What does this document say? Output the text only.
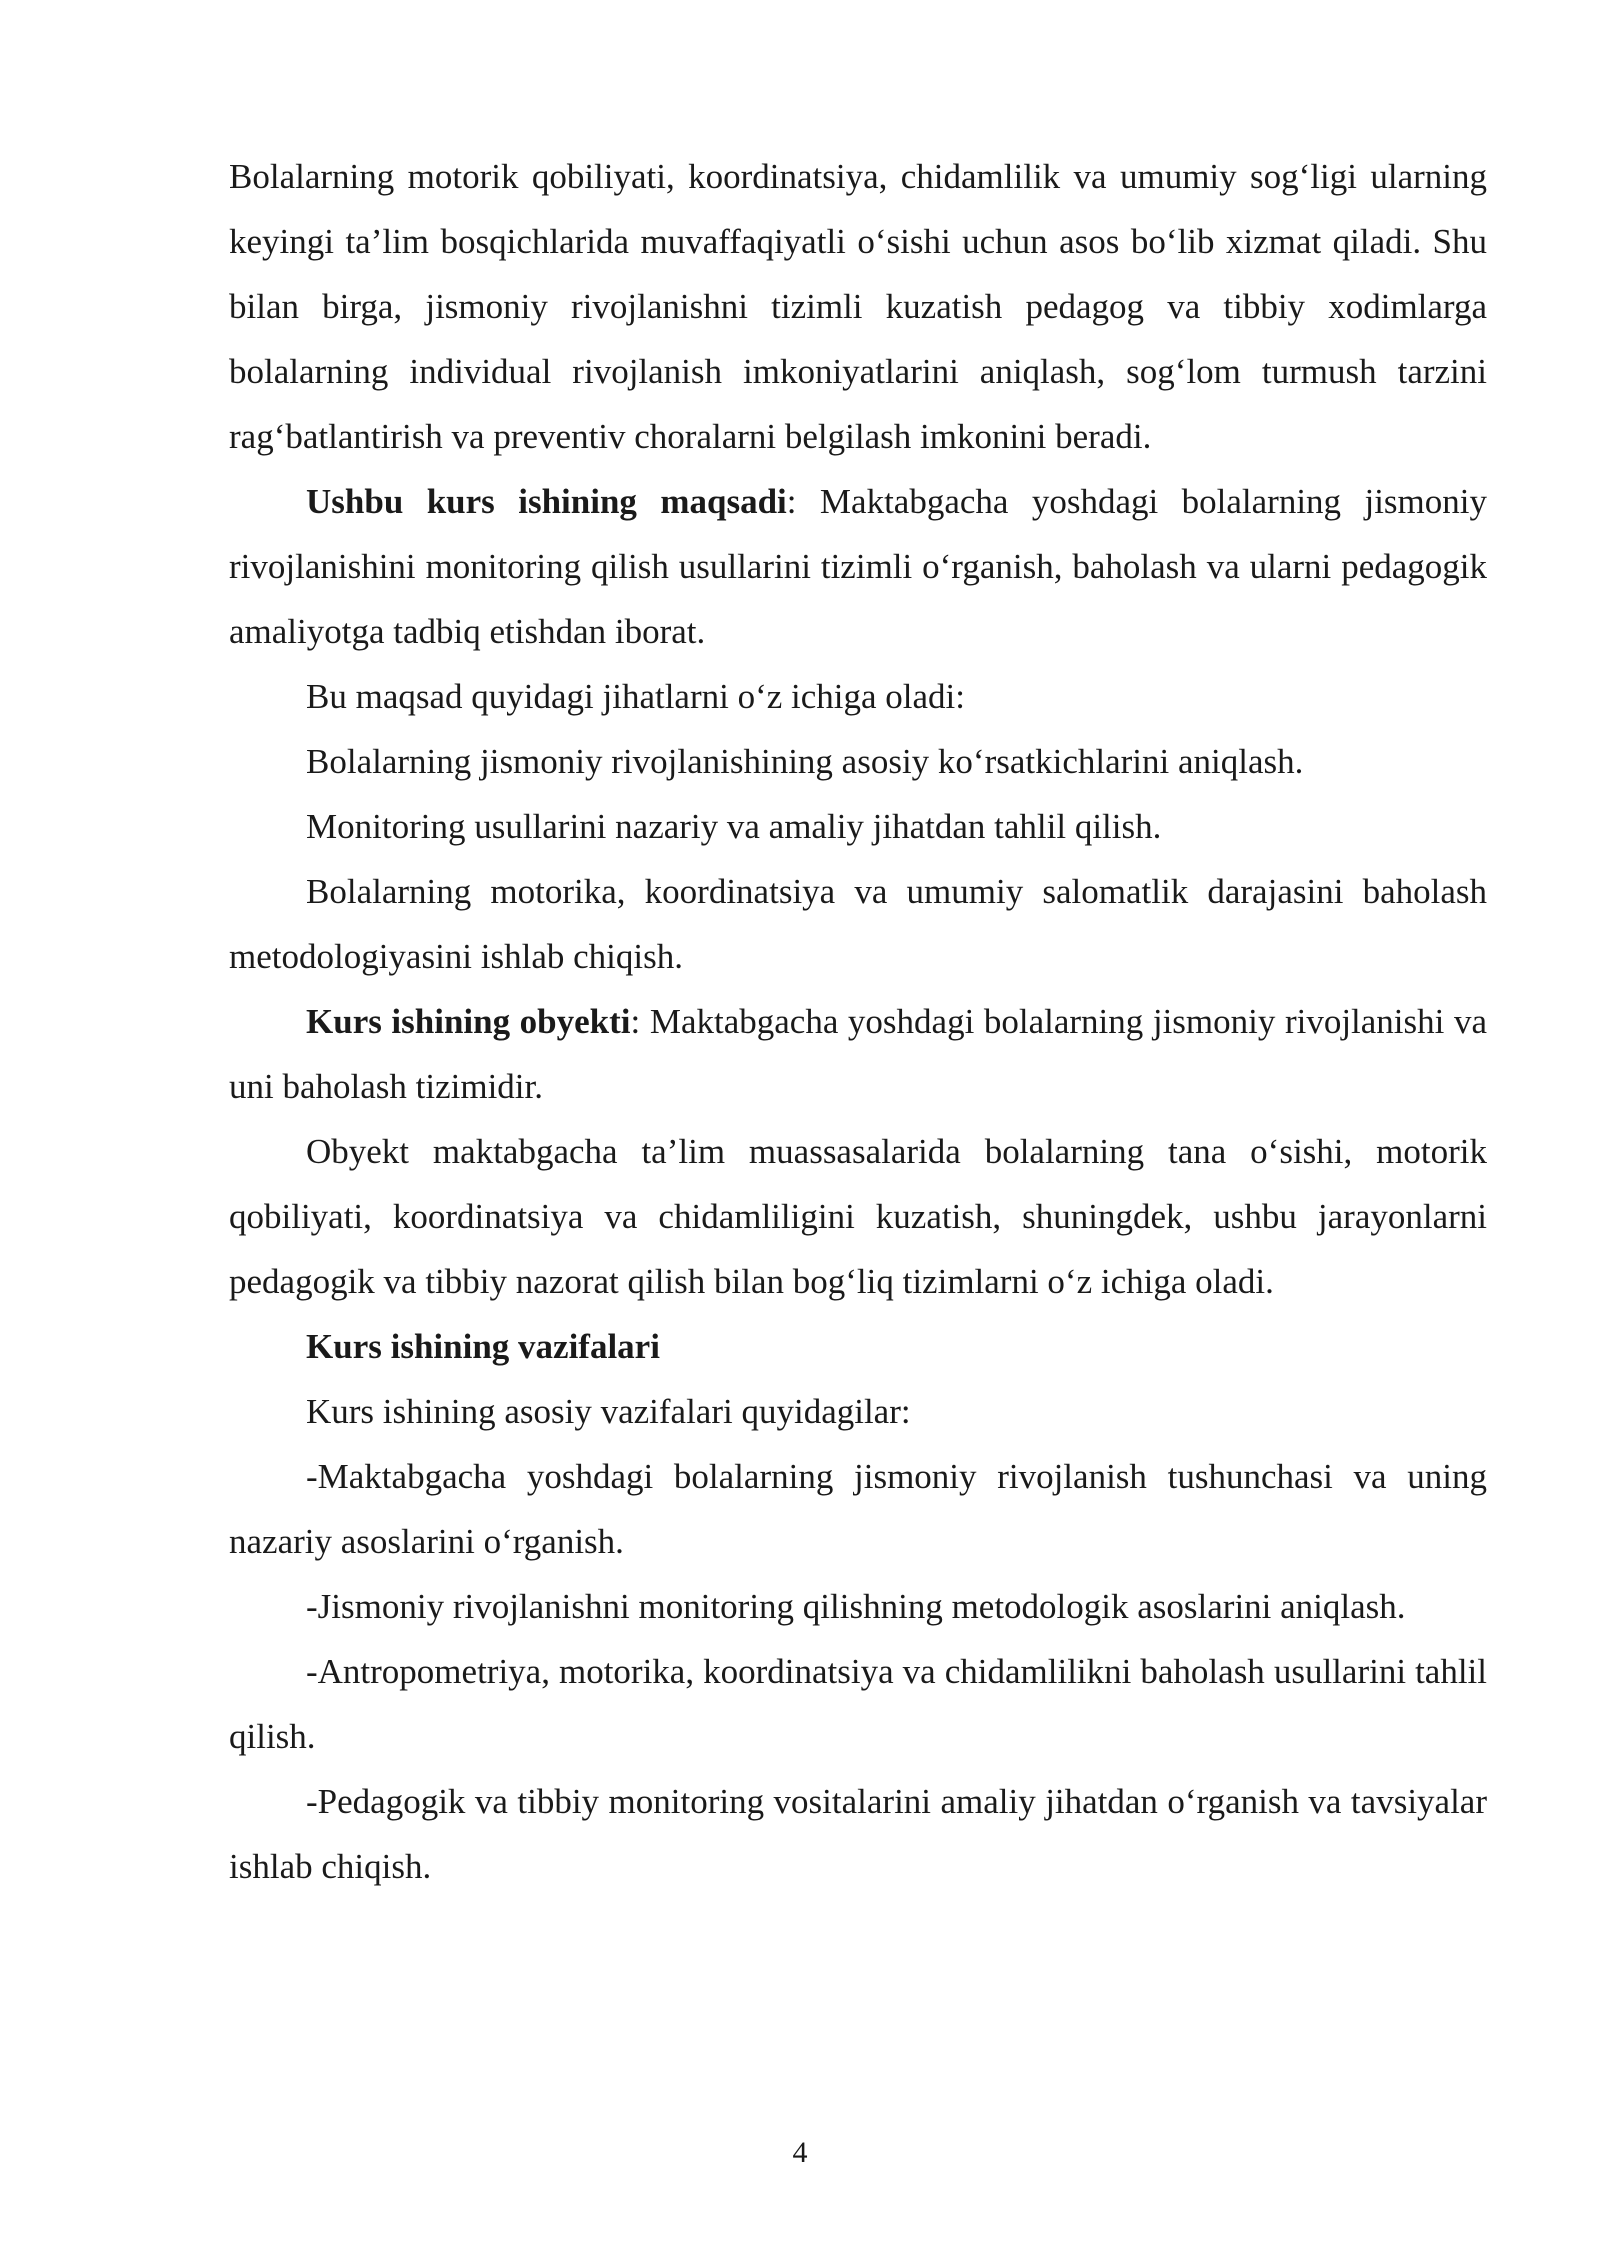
Bolalarning motorik qobiliyati, koordinatsiya, chidamlilik va umumiy sog‘ligi ularning keyingi ta’lim bosqichlarida muvaffaqiyatli o‘sishi uchun asos bo‘lib xizmat qiladi. Shu bilan birga, jismoniy rivojlanishni tizimli kuzatish pedagog va tibbiy xodimlarga bolalarning individual rivojlanish imkoniyatlarini aniqlash, sog‘lom turmush tarzini rag‘batlantirish va preventiv choralarni belgilash imkonini beradi.

Ushbu kurs ishining maqsadi: Maktabgacha yoshdagi bolalarning jismoniy rivojlanishini monitoring qilish usullarini tizimli o‘rganish, baholash va ularni pedagogik amaliyotga tadbiq etishdan iborat.

Bu maqsad quyidagi jihatlarni o‘z ichiga oladi:

Bolalarning jismoniy rivojlanishining asosiy ko‘rsatkichlarini aniqlash.

Monitoring usullarini nazariy va amaliy jihatdan tahlil qilish.

Bolalarning motorika, koordinatsiya va umumiy salomatlik darajasini baholash metodologiyasini ishlab chiqish.

Kurs ishining obyekti: Maktabgacha yoshdagi bolalarning jismoniy rivojlanishi va uni baholash tizimidir.

Obyekt maktabgacha ta’lim muassasalarida bolalarning tana o‘sishi, motorik qobiliyati, koordinatsiya va chidamliligini kuzatish, shuningdek, ushbu jarayonlarni pedagogik va tibbiy nazorat qilish bilan bog‘liq tizimlarni o‘z ichiga oladi.

Kurs ishining vazifalari

Kurs ishining asosiy vazifalari quyidagilar:

-Maktabgacha yoshdagi bolalarning jismoniy rivojlanish tushunchasi va uning nazariy asoslarini o‘rganish.

-Jismoniy rivojlanishni monitoring qilishning metodologik asoslarini aniqlash.

-Antropometriya, motorika, koordinatsiya va chidamlilikni baholash usullarini tahlil qilish.

-Pedagogik va tibbiy monitoring vositalarini amaliy jihatdan o‘rganish va tavsiyalar ishlab chiqish.

4
